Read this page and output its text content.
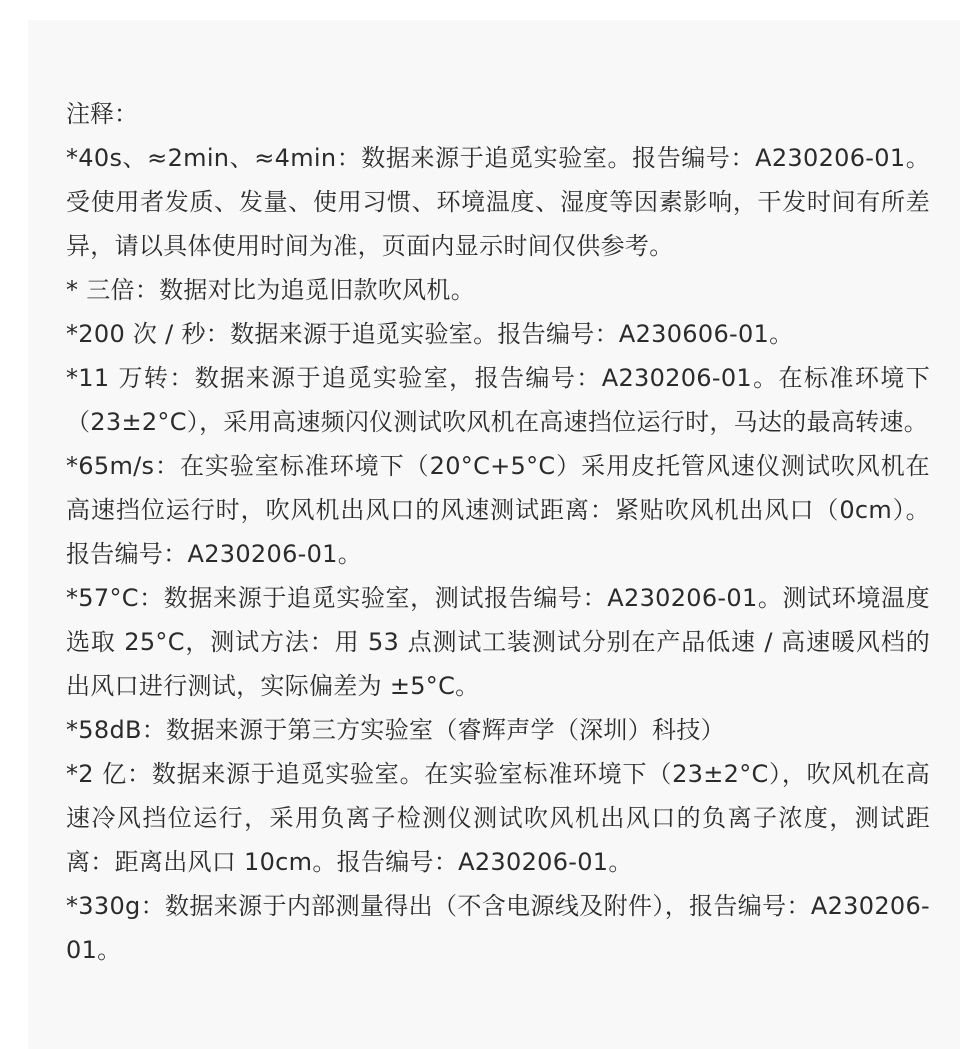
注释：

*40s、≈2min、≈4min：数据来源于追觅实验室。报告编号：A230206-01。受使用者发质、发量、使用习惯、环境温度、湿度等因素影响，干发时间有所差异，请以具体使用时间为准，页面内显示时间仅供参考。

* 三倍：数据对比为追觅旧款吹风机。

*200 次 / 秒：数据来源于追觅实验室。报告编号：A230606-01。

*11 万转：数据来源于追觅实验室，报告编号：A230206-01。在标准环境下（23±2°C），采用高速频闪仪测试吹风机在高速挡位运行时，马达的最高转速。

*65m/s：在实验室标准环境下（20°C+5°C）采用皮托管风速仪测试吹风机在高速挡位运行时，吹风机出风口的风速测试距离：紧贴吹风机出风口（0cm）。报告编号：A230206-01。

*57°C：数据来源于追觅实验室，测试报告编号：A230206-01。测试环境温度选取 25°C，测试方法：用 53 点测试工装测试分别在产品低速 / 高速暖风档的出风口进行测试，实际偏差为 ±5°C。

*58dB：数据来源于第三方实验室（睿辉声学（深圳）科技）

*2 亿：数据来源于追觅实验室。在实验室标准环境下（23±2°C），吹风机在高速冷风挡位运行，采用负离子检测仪测试吹风机出风口的负离子浓度，测试距离：距离出风口 10cm。报告编号：A230206-01。

*330g：数据来源于内部测量得出（不含电源线及附件），报告编号：A230206-01。
